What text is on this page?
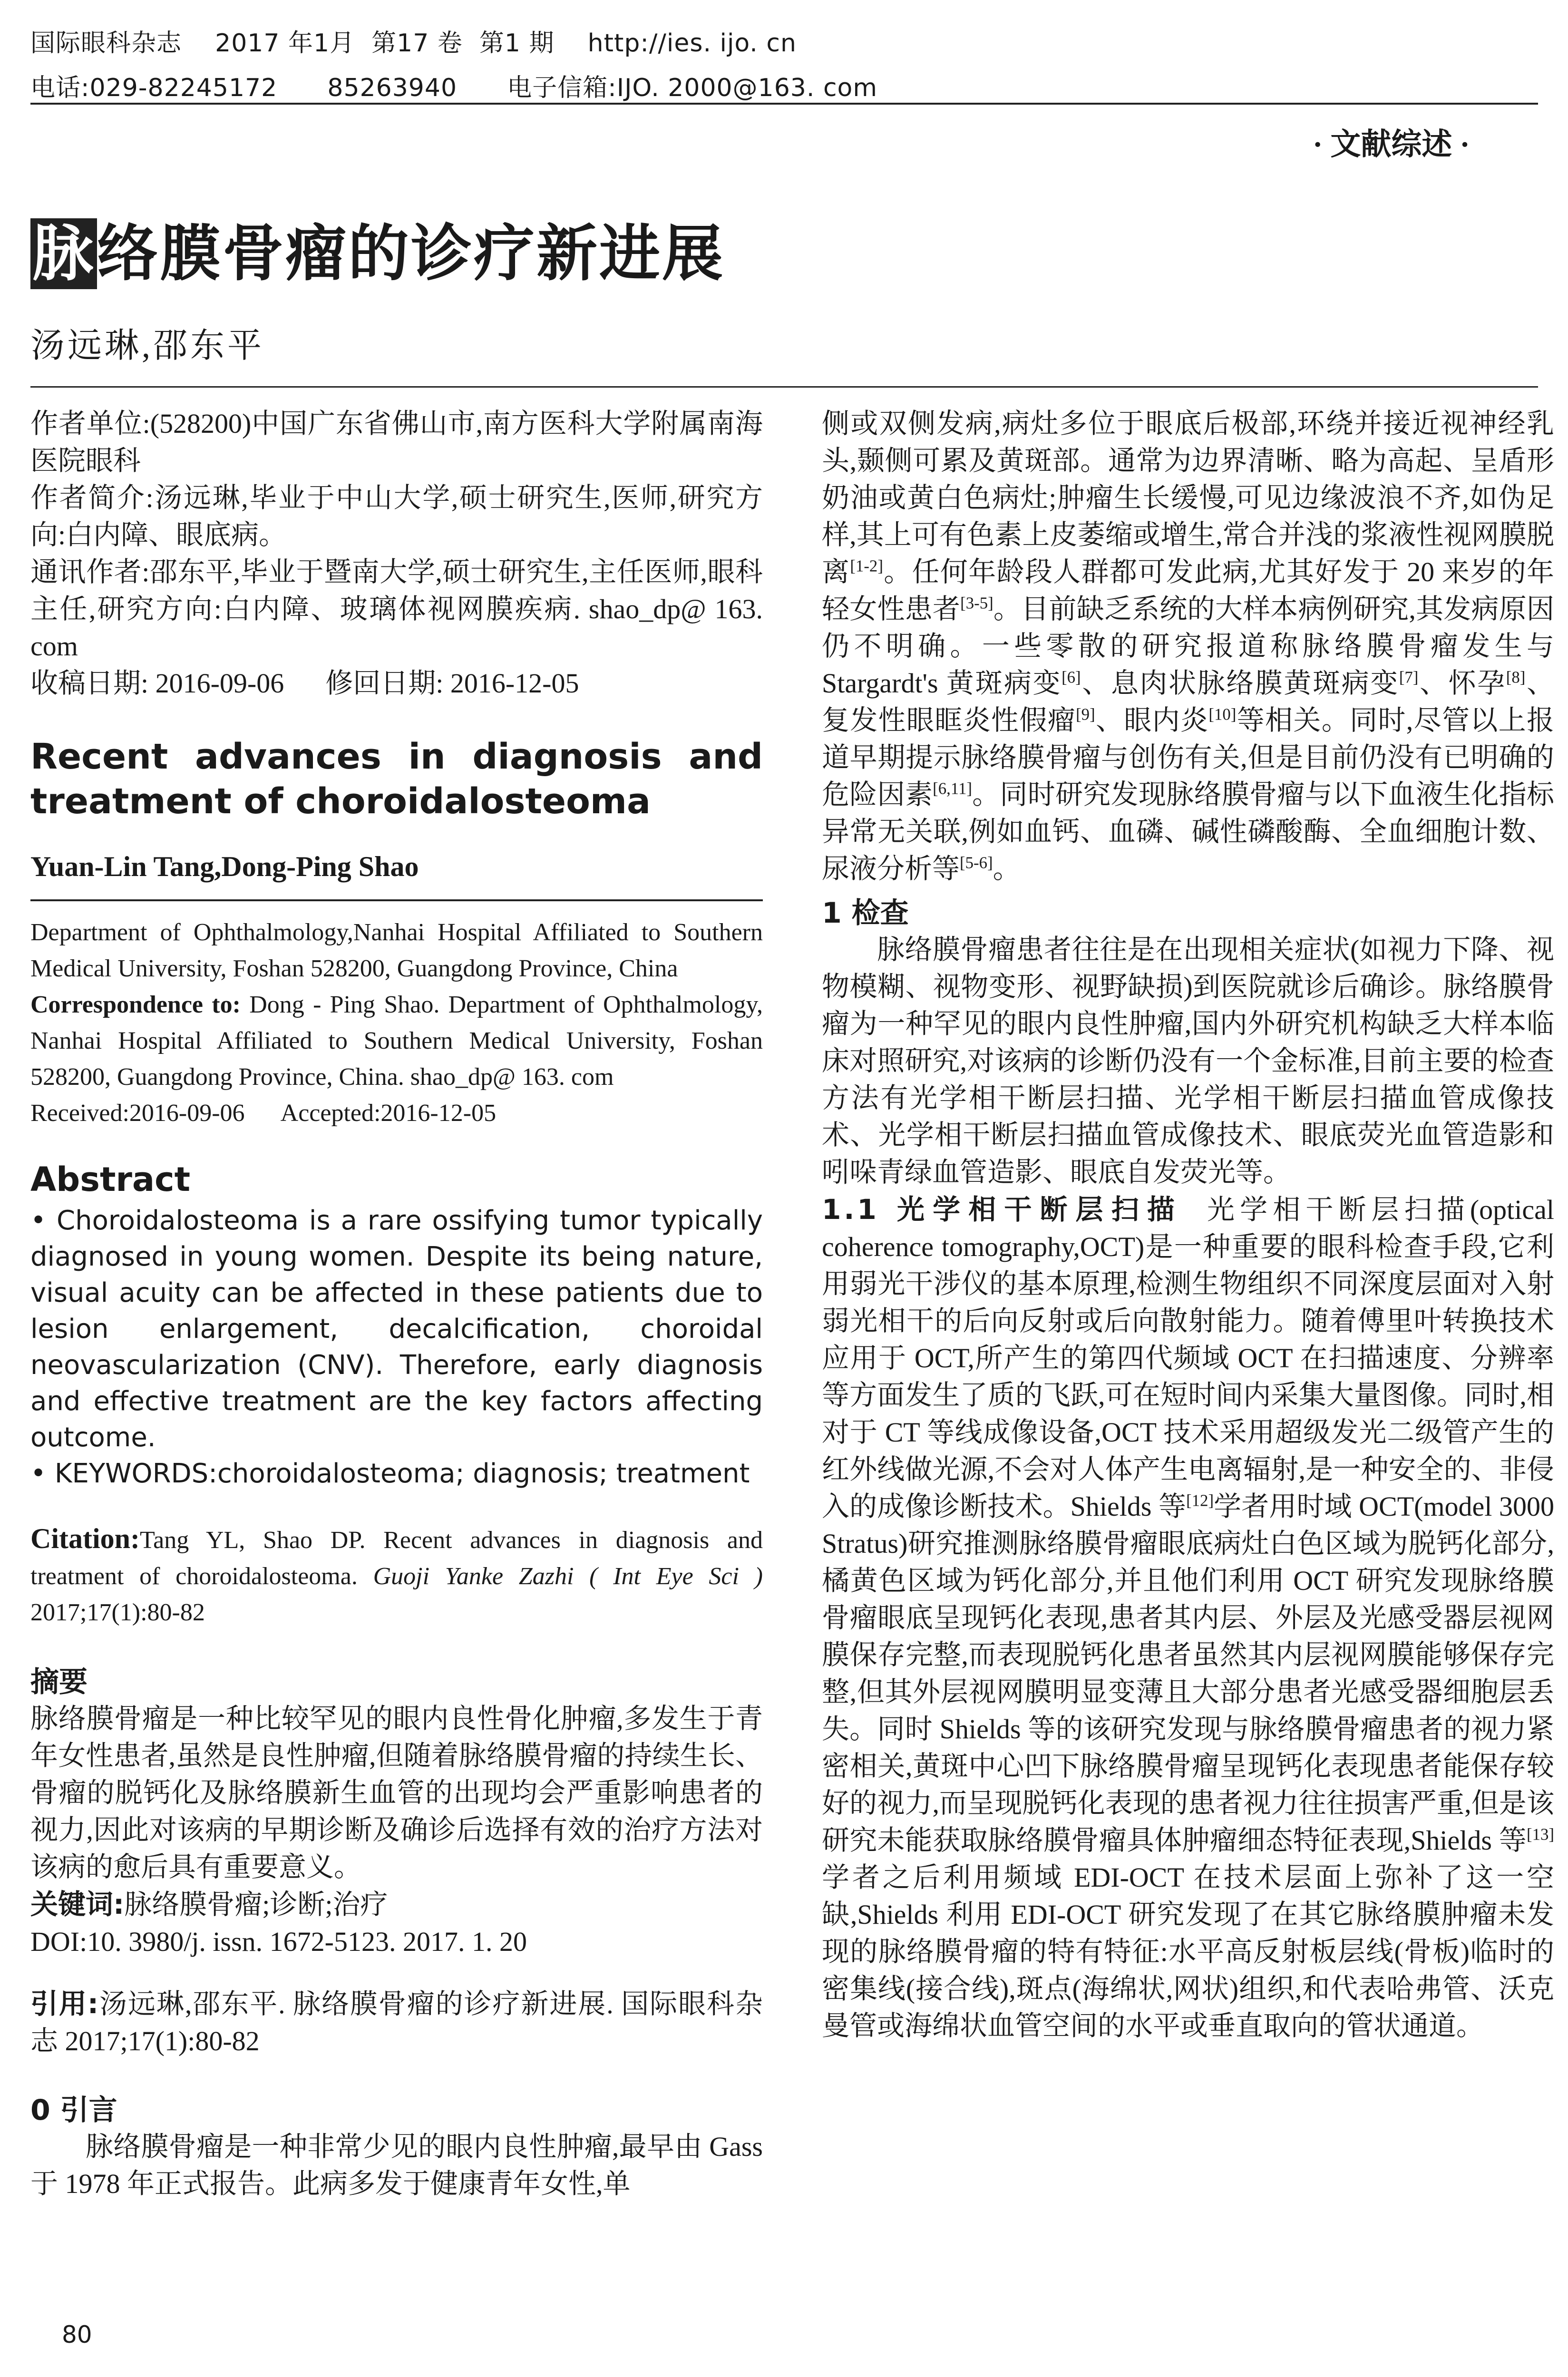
国际眼科杂志    2017 年1月  第17 卷  第1 期    http://ies. ijo. cn
电话:029-82245172      85263940      电子信箱:IJO. 2000@163. com
· 文献综述 ·
脉络膜骨瘤的诊疗新进展
汤远琳,邵东平
作者单位:(528200)中国广东省佛山市,南方医科大学附属南海医院眼科
作者简介:汤远琳,毕业于中山大学,硕士研究生,医师,研究方向:白内障、眼底病。
通讯作者:邵东平,毕业于暨南大学,硕士研究生,主任医师,眼科主任,研究方向:白内障、玻璃体视网膜疾病. shao_dp@ 163. com
收稿日期: 2016-09-06      修回日期: 2016-12-05
Recent advances in diagnosis and treatment of choroidalosteoma
Yuan-Lin Tang,Dong-Ping Shao
Department of Ophthalmology,Nanhai Hospital Affiliated to Southern Medical University, Foshan 528200, Guangdong Province, China
Correspondence to: Dong - Ping Shao. Department of Ophthalmology, Nanhai Hospital Affiliated to Southern Medical University, Foshan 528200, Guangdong Province, China. shao_dp@ 163. com
Received:2016-09-06      Accepted:2016-12-05
Abstract
• Choroidalosteoma is a rare ossifying tumor typically diagnosed in young women. Despite its being nature, visual acuity can be affected in these patients due to lesion enlargement, decalcification, choroidal neovascularization (CNV). Therefore, early diagnosis and effective treatment are the key factors affecting outcome.
• KEYWORDS:choroidalosteoma; diagnosis; treatment
Citation:Tang YL, Shao DP. Recent advances in diagnosis and treatment of choroidalosteoma. Guoji Yanke Zazhi ( Int Eye Sci ) 2017;17(1):80-82
摘要
脉络膜骨瘤是一种比较罕见的眼内良性骨化肿瘤,多发生于青年女性患者,虽然是良性肿瘤,但随着脉络膜骨瘤的持续生长、骨瘤的脱钙化及脉络膜新生血管的出现均会严重影响患者的视力,因此对该病的早期诊断及确诊后选择有效的治疗方法对该病的愈后具有重要意义。
关键词:脉络膜骨瘤;诊断;治疗
DOI:10. 3980/j. issn. 1672-5123. 2017. 1. 20
引用:汤远琳,邵东平. 脉络膜骨瘤的诊疗新进展. 国际眼科杂志 2017;17(1):80-82
0 引言
脉络膜骨瘤是一种非常少见的眼内良性肿瘤,最早由 Gass 于 1978 年正式报告。此病多发于健康青年女性,单

侧或双侧发病,病灶多位于眼底后极部,环绕并接近视神经乳头,颞侧可累及黄斑部。通常为边界清晰、略为高起、呈盾形奶油或黄白色病灶;肿瘤生长缓慢,可见边缘波浪不齐,如伪足样,其上可有色素上皮萎缩或增生,常合并浅的浆液性视网膜脱离[1-2]。任何年龄段人群都可发此病,尤其好发于 20 来岁的年轻女性患者[3-5]。目前缺乏系统的大样本病例研究,其发病原因仍不明确。一些零散的研究报道称脉络膜骨瘤发生与 Stargardt's 黄斑病变[6]、息肉状脉络膜黄斑病变[7]、怀孕[8]、复发性眼眶炎性假瘤[9]、眼内炎[10]等相关。同时,尽管以上报道早期提示脉络膜骨瘤与创伤有关,但是目前仍没有已明确的危险因素[6,11]。同时研究发现脉络膜骨瘤与以下血液生化指标异常无关联,例如血钙、血磷、碱性磷酸酶、全血细胞计数、尿液分析等[5-6]。

1 检查

脉络膜骨瘤患者往往是在出现相关症状(如视力下降、视物模糊、视物变形、视野缺损)到医院就诊后确诊。脉络膜骨瘤为一种罕见的眼内良性肿瘤,国内外研究机构缺乏大样本临床对照研究,对该病的诊断仍没有一个金标准,目前主要的检查方法有光学相干断层扫描、光学相干断层扫描血管成像技术、光学相干断层扫描血管成像技术、眼底荧光血管造影和吲哚青绿血管造影、眼底自发荧光等。

1.1 光学相干断层扫描 光学相干断层扫描(optical coherence tomography,OCT)是一种重要的眼科检查手段,它利用弱光干涉仪的基本原理,检测生物组织不同深度层面对入射弱光相干的后向反射或后向散射能力。随着傅里叶转换技术应用于 OCT,所产生的第四代频域 OCT 在扫描速度、分辨率等方面发生了质的飞跃,可在短时间内采集大量图像。同时,相对于 CT 等线成像设备,OCT 技术采用超级发光二级管产生的红外线做光源,不会对人体产生电离辐射,是一种安全的、非侵入的成像诊断技术。Shields 等[12]学者用时域 OCT(model 3000 Stratus)研究推测脉络膜骨瘤眼底病灶白色区域为脱钙化部分,橘黄色区域为钙化部分,并且他们利用 OCT 研究发现脉络膜骨瘤眼底呈现钙化表现,患者其内层、外层及光感受器层视网膜保存完整,而表现脱钙化患者虽然其内层视网膜能够保存完整,但其外层视网膜明显变薄且大部分患者光感受器细胞层丢失。同时 Shields 等的该研究发现与脉络膜骨瘤患者的视力紧密相关,黄斑中心凹下脉络膜骨瘤呈现钙化表现患者能保存较好的视力,而呈现脱钙化表现的患者视力往往损害严重,但是该研究未能获取脉络膜骨瘤具体肿瘤细态特征表现,Shields 等[13]学者之后利用频域 EDI-OCT 在技术层面上弥补了这一空缺,Shields 利用 EDI-OCT 研究发现了在其它脉络膜肿瘤未发现的脉络膜骨瘤的特有特征:水平高反射板层线(骨板)临时的密集线(接合线),斑点(海绵状,网状)组织,和代表哈弗管、沃克曼管或海绵状血管空间的水平或垂直取向的管状通道。

80
